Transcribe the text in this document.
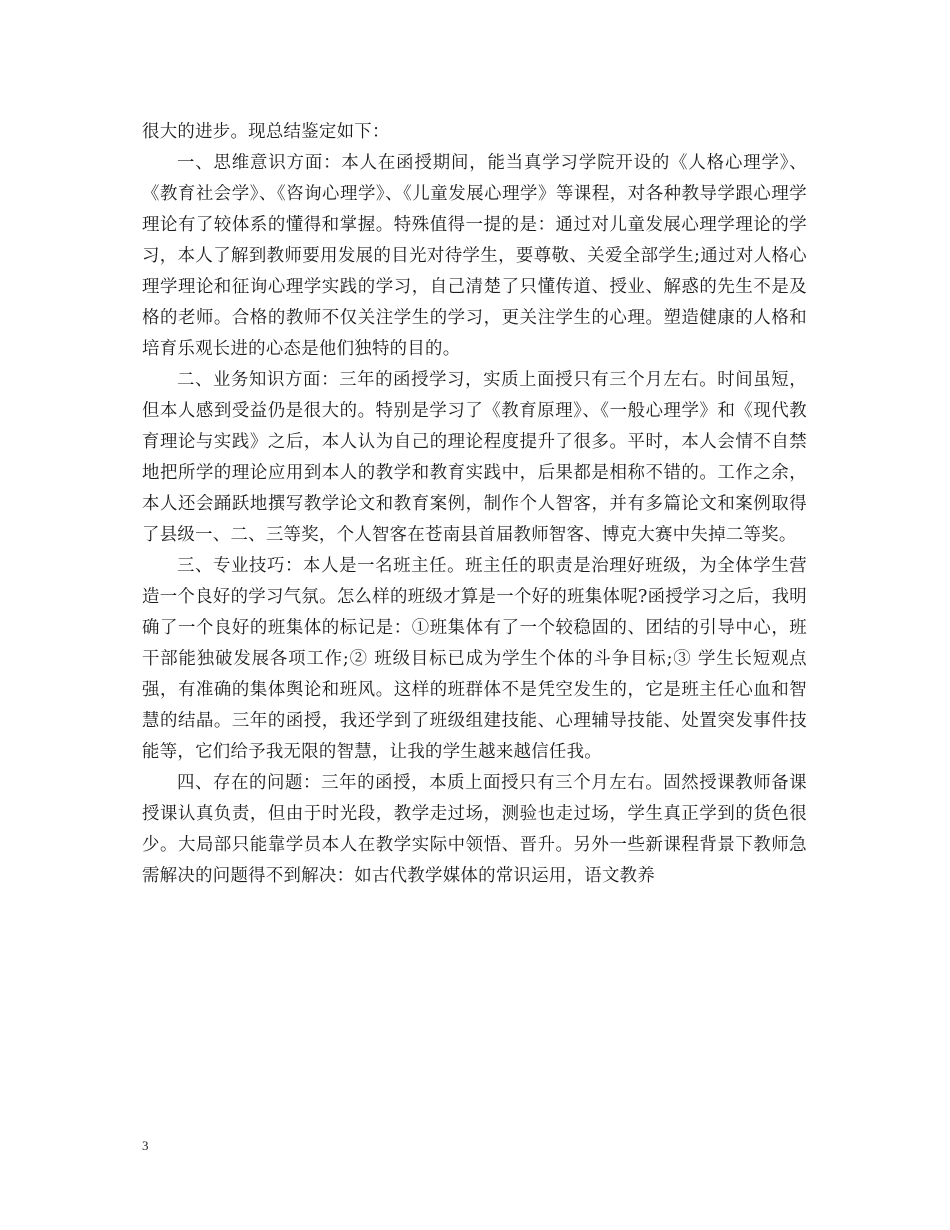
很大的进步。现总结鉴定如下：

一、思维意识方面：本人在函授期间，能当真学习学院开设的《人格心理学》、《教育社会学》、《咨询心理学》、《儿童发展心理学》等课程，对各种教导学跟心理学理论有了较体系的懂得和掌握。特殊值得一提的是：通过对儿童发展心理学理论的学习，本人了解到教师要用发展的目光对待学生，要尊敬、关爱全部学生;通过对人格心理学理论和征询心理学实践的学习，自己清楚了只懂传道、授业、解惑的先生不是及格的老师。合格的教师不仅关注学生的学习，更关注学生的心理。塑造健康的人格和培育乐观长进的心态是他们独特的目的。

二、业务知识方面：三年的函授学习，实质上面授只有三个月左右。时间虽短，但本人感到受益仍是很大的。特别是学习了《教育原理》、《一般心理学》和《现代教育理论与实践》之后，本人认为自己的理论程度提升了很多。平时，本人会情不自禁地把所学的理论应用到本人的教学和教育实践中，后果都是相称不错的。工作之余，本人还会踊跃地撰写教学论文和教育案例，制作个人智客，并有多篇论文和案例取得了县级一、二、三等奖，个人智客在苍南县首届教师智客、博克大赛中失掉二等奖。

三、专业技巧：本人是一名班主任。班主任的职责是治理好班级，为全体学生营造一个良好的学习气氛。怎么样的班级才算是一个好的班集体呢?函授学习之后，我明确了一个良好的班集体的标记是：①班集体有了一个较稳固的、团结的引导中心，班干部能独破发展各项工作;② 班级目标已成为学生个体的斗争目标;③ 学生长短观点强，有准确的集体舆论和班风。这样的班群体不是凭空发生的，它是班主任心血和智慧的结晶。三年的函授，我还学到了班级组建技能、心理辅导技能、处置突发事件技能等，它们给予我无限的智慧，让我的学生越来越信任我。

四、存在的问题：三年的函授，本质上面授只有三个月左右。固然授课教师备课授课认真负责，但由于时光段，教学走过场，测验也走过场，学生真正学到的货色很少。大局部只能靠学员本人在教学实际中领悟、晋升。另外一些新课程背景下教师急需解决的问题得不到解决：如古代教学媒体的常识运用，语文教养

3
